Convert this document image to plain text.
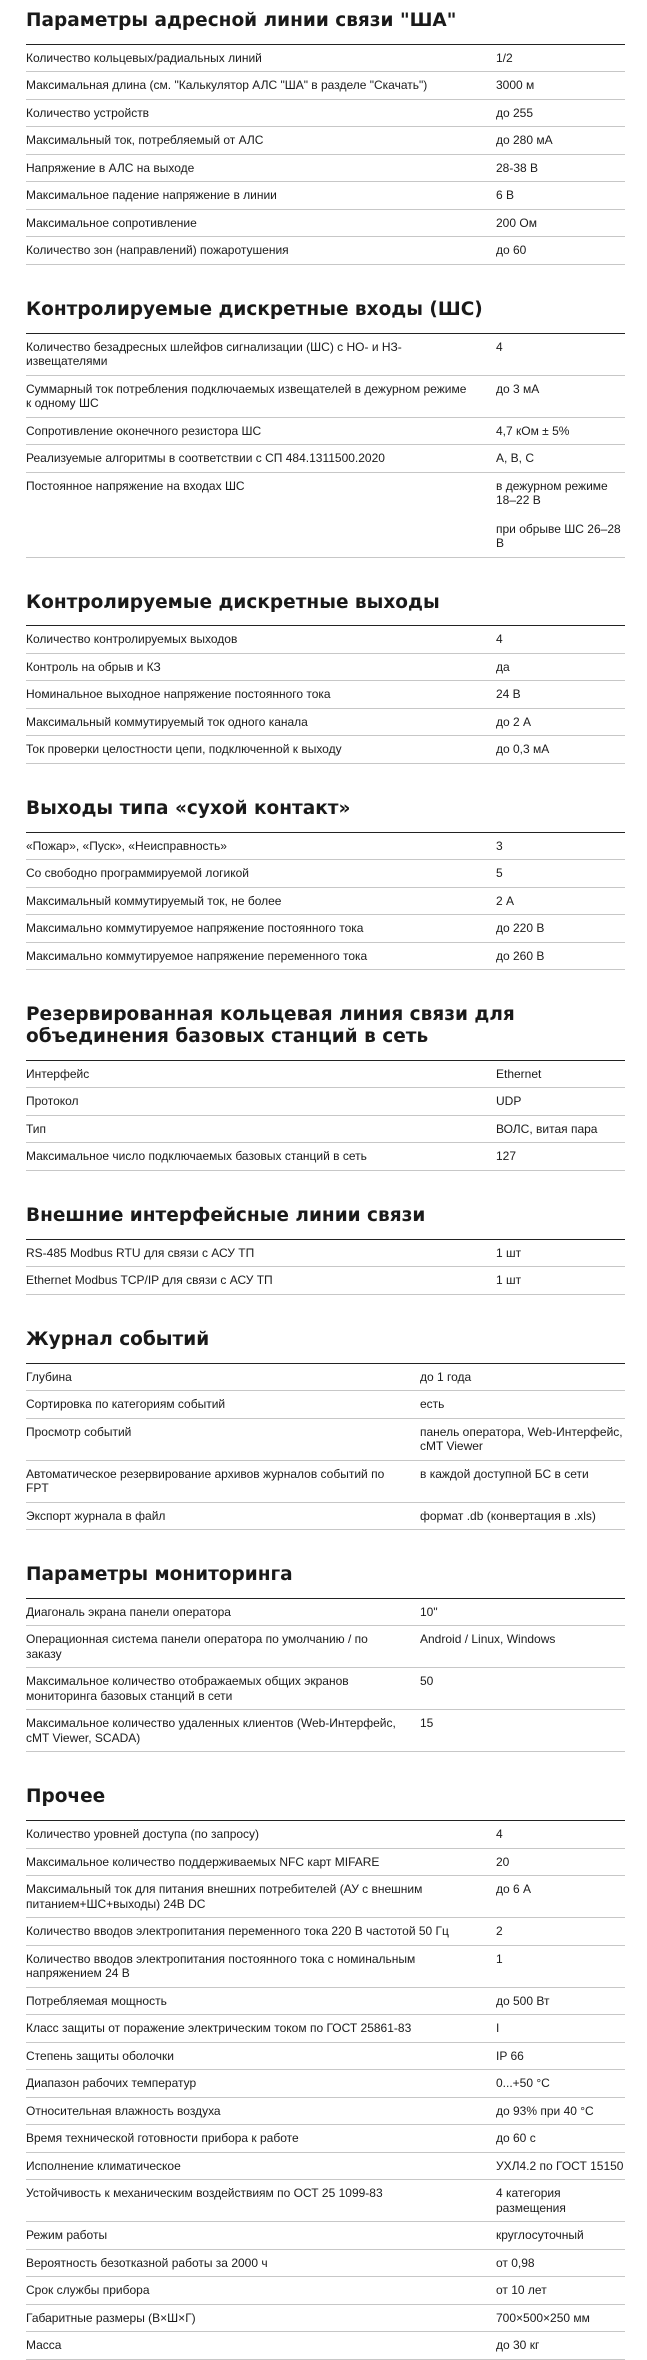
Параметры адресной линии связи "ША"
Количество кольцевых/радиальных линий	1/2

Максимальная длина (см. "Калькулятор АЛС "ША" в разделе "Скачать")	3000 м

Количество устройств	до 255

Максимальный ток, потребляемый от АЛС	до 280 мА

Напряжение в АЛС на выходе	28-38 В

Максимальное падение напряжение в линии	6 В

Максимальное сопротивление	200 Ом

Количество зон (направлений) пожаротушения	до 60
Контролируемые дискретные входы (ШС)
Количество безадресных шлейфов сигнализации (ШС) с НО- и НЗ-извещателями	4

Суммарный ток потребления подключаемых извещателей в дежурном режиме к одному ШС	до 3 мА

Сопротивление оконечного резистора ШС	4,7 кОм ± 5%

Реализуемые алгоритмы в соответствии с СП 484.1311500.2020	А, В, С

Постоянное напряжение на входах ШС	в дежурном режиме 18–22 В
при обрыве ШС 26–28 В
Контролируемые дискретные выходы
Количество контролируемых выходов	4

Контроль на обрыв и КЗ	да

Номинальное выходное напряжение постоянного тока	24 В

Максимальный коммутируемый ток одного канала	до 2 А

Ток проверки целостности цепи, подключенной к выходу	до 0,3 мА
Выходы типа «сухой контакт»
«Пожар», «Пуск», «Неисправность»	3

Со свободно программируемой логикой	5

Максимальный коммутируемый ток, не более	2 А

Максимально коммутируемое напряжение постоянного тока	до 220 В

Максимально коммутируемое напряжение переменного тока	до 260 В
Резервированная кольцевая линия связи для объединения базовых станций в сеть
Интерфейс	Ethernet

Протокол	UDP

Тип	ВОЛС, витая пара

Максимальное число подключаемых базовых станций в сеть	127
Внешние интерфейсные линии связи
RS-485 Modbus RTU для связи с АСУ ТП	1 шт

Ethernet Modbus TCP/IP для связи с АСУ ТП	1 шт
Журнал событий
Глубина	до 1 года

Сортировка по категориям событий	есть

Просмотр событий	панель оператора, Web-Интерфейс, cMT Viewer

Автоматическое резервирование архивов журналов событий по FPT	в каждой доступной БС в сети

Экспорт журнала в файл	формат .db (конвертация в .xls)
Параметры мониторинга
Диагональ экрана панели оператора	10"

Операционная система панели оператора по умолчанию / по заказу	Android / Linux, Windows

Максимальное количество отображаемых общих экранов мониторинга базовых станций в сети	50

Максимальное количество удаленных клиентов (Web-Интерфейс, cMT Viewer, SCADA)	15
Прочее
Количество уровней доступа (по запросу)	4

Максимальное количество поддерживаемых NFC карт MIFARE	20

Максимальный ток для питания внешних потребителей (АУ с внешним питанием+ШС+выходы) 24В DC	до 6 А

Количество вводов электропитания переменного тока 220 В частотой 50 Гц	2

Количество вводов электропитания постоянного тока с номинальным напряжением 24 В	1

Потребляемая мощность	до 500 Вт

Класс защиты от поражение электрическим током по ГОСТ 25861-83	I

Степень защиты оболочки	IP 66

Диапазон рабочих температур	0...+50 °C

Относительная влажность воздуха	до 93% при 40 °C

Время технической готовности прибора к работе	до 60 с

Исполнение климатическое	УХЛ4.2 по ГОСТ 15150

Устойчивость к механическим воздействиям по ОСТ 25 1099-83	4 категория размещения

Режим работы	круглосуточный

Вероятность безотказной работы за 2000 ч	от 0,98

Срок службы прибора	от 10 лет

Габаритные размеры (В×Ш×Г)	700×500×250 мм

Масса	до 30 кг
